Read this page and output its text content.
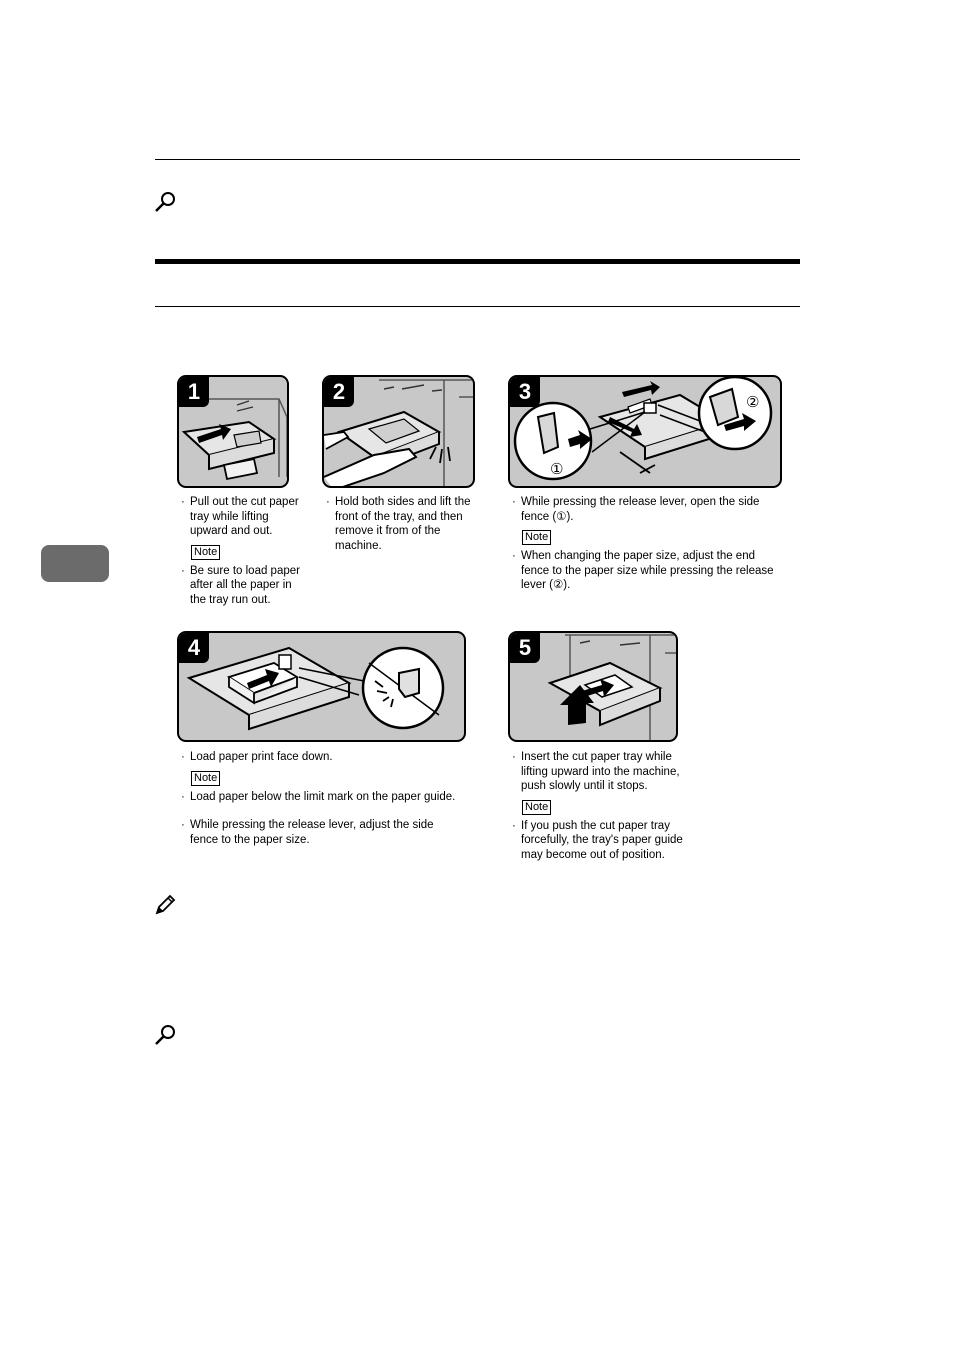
1	2
①
②
3
4	5
· Pull out the cut paper tray while lifting upward and out.
Note
· Be sure to load paper after all the paper in the tray run out.
· Hold both sides and lift the front of the tray, and then remove it from of the machine.
· While pressing the release lever, open the side fence (①).
Note
· When changing the paper size, adjust the end fence to the paper size while pressing the release lever (②).
· Load paper print face down.
Note
· Load paper below the limit mark on the paper guide.
· While pressing the release lever, adjust the side fence to the paper size.
· Insert the cut paper tray while lifting upward into the machine, push slowly until it stops.
Note
· If you push the cut paper tray forcefully, the tray's paper guide may become out of position.
